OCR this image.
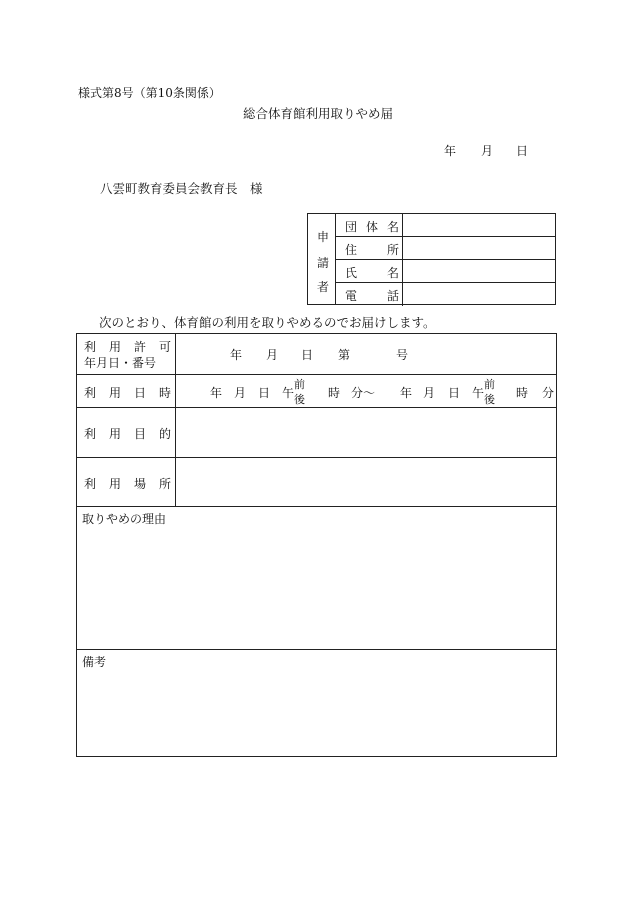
様式第8号（第10条関係）
総合体育館利用取りやめ届
年 月 日
八雲町教育委員会教育長　様
申
請
者
団 体 名
住 所
氏 名
電 話
次のとおり、体育館の利用を取りやめるのでお届けします。
利 用 許 可
年月日・番号
年 月 日 第	号
利 用 日 時	年 月 日 午
前
後 時 分 ～ 年 月 日 午
前
後 時 分
利 用 目 的
利 用 場 所
取りやめの理由
備考
